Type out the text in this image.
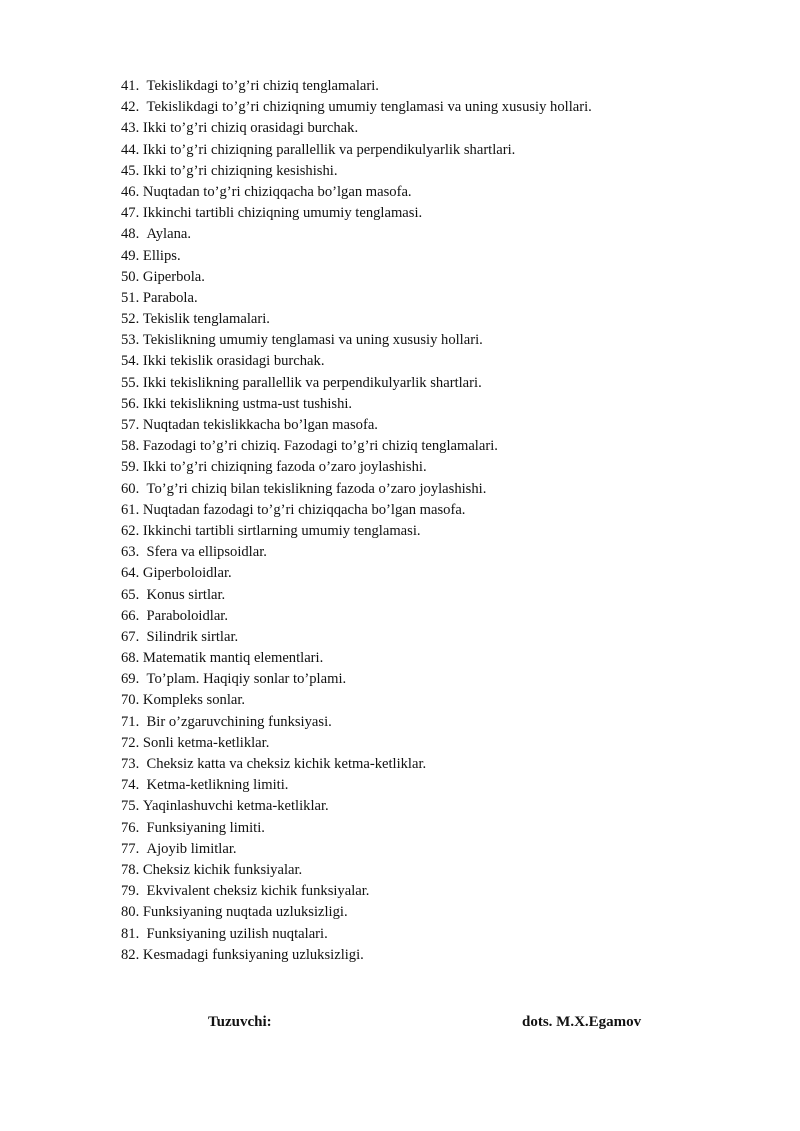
41. Tekislikdagi to’g’ri chiziq tenglamalari.
42. Tekislikdagi to’g’ri chiziqning umumiy tenglamasi va uning xususiy hollari.
43. Ikki to’g’ri chiziq orasidagi burchak.
44. Ikki to’g’ri chiziqning parallellik va perpendikulyarlik shartlari.
45. Ikki to’g’ri chiziqning kesishishi.
46. Nuqtadan to’g’ri chiziqqacha bo’lgan masofa.
47. Ikkinchi tartibli chiziqning umumiy tenglamasi.
48. Aylana.
49. Ellips.
50. Giperbola.
51. Parabola.
52. Tekislik tenglamalari.
53. Tekislikning umumiy tenglamasi va uning xususiy hollari.
54. Ikki tekislik orasidagi burchak.
55. Ikki tekislikning parallellik va perpendikulyarlik shartlari.
56. Ikki tekislikning ustma-ust tushishi.
57. Nuqtadan tekislikkacha bo’lgan masofa.
58. Fazodagi to’g’ri chiziq. Fazodagi to’g’ri chiziq tenglamalari.
59. Ikki to’g’ri chiziqning fazoda o’zaro joylashishi.
60. To’g’ri chiziq bilan tekislikning fazoda o’zaro joylashishi.
61. Nuqtadan fazodagi to’g’ri chiziqqacha bo’lgan masofa.
62. Ikkinchi tartibli sirtlarning umumiy tenglamasi.
63. Sfera va ellipsoidlar.
64. Giperboloidlar.
65. Konus sirtlar.
66. Paraboloidlar.
67. Silindrik sirtlar.
68. Matematik mantiq elementlari.
69. To’plam. Haqiqiy sonlar to’plami.
70. Kompleks sonlar.
71. Bir o’zgaruvchining funksiyasi.
72. Sonli ketma-ketliklar.
73. Cheksiz katta va cheksiz kichik ketma-ketliklar.
74. Ketma-ketlikning limiti.
75. Yaqinlashuvchi ketma-ketliklar.
76. Funksiyaning limiti.
77. Ajoyib limitlar.
78. Cheksiz kichik funksiyalar.
79. Ekvivalent cheksiz kichik funksiyalar.
80. Funksiyaning nuqtada uzluksizligi.
81. Funksiyaning uzilish nuqtalari.
82. Kesmadagi funksiyaning uzluksizligi.
Tuzuvchi:	dots. M.X.Egamov
